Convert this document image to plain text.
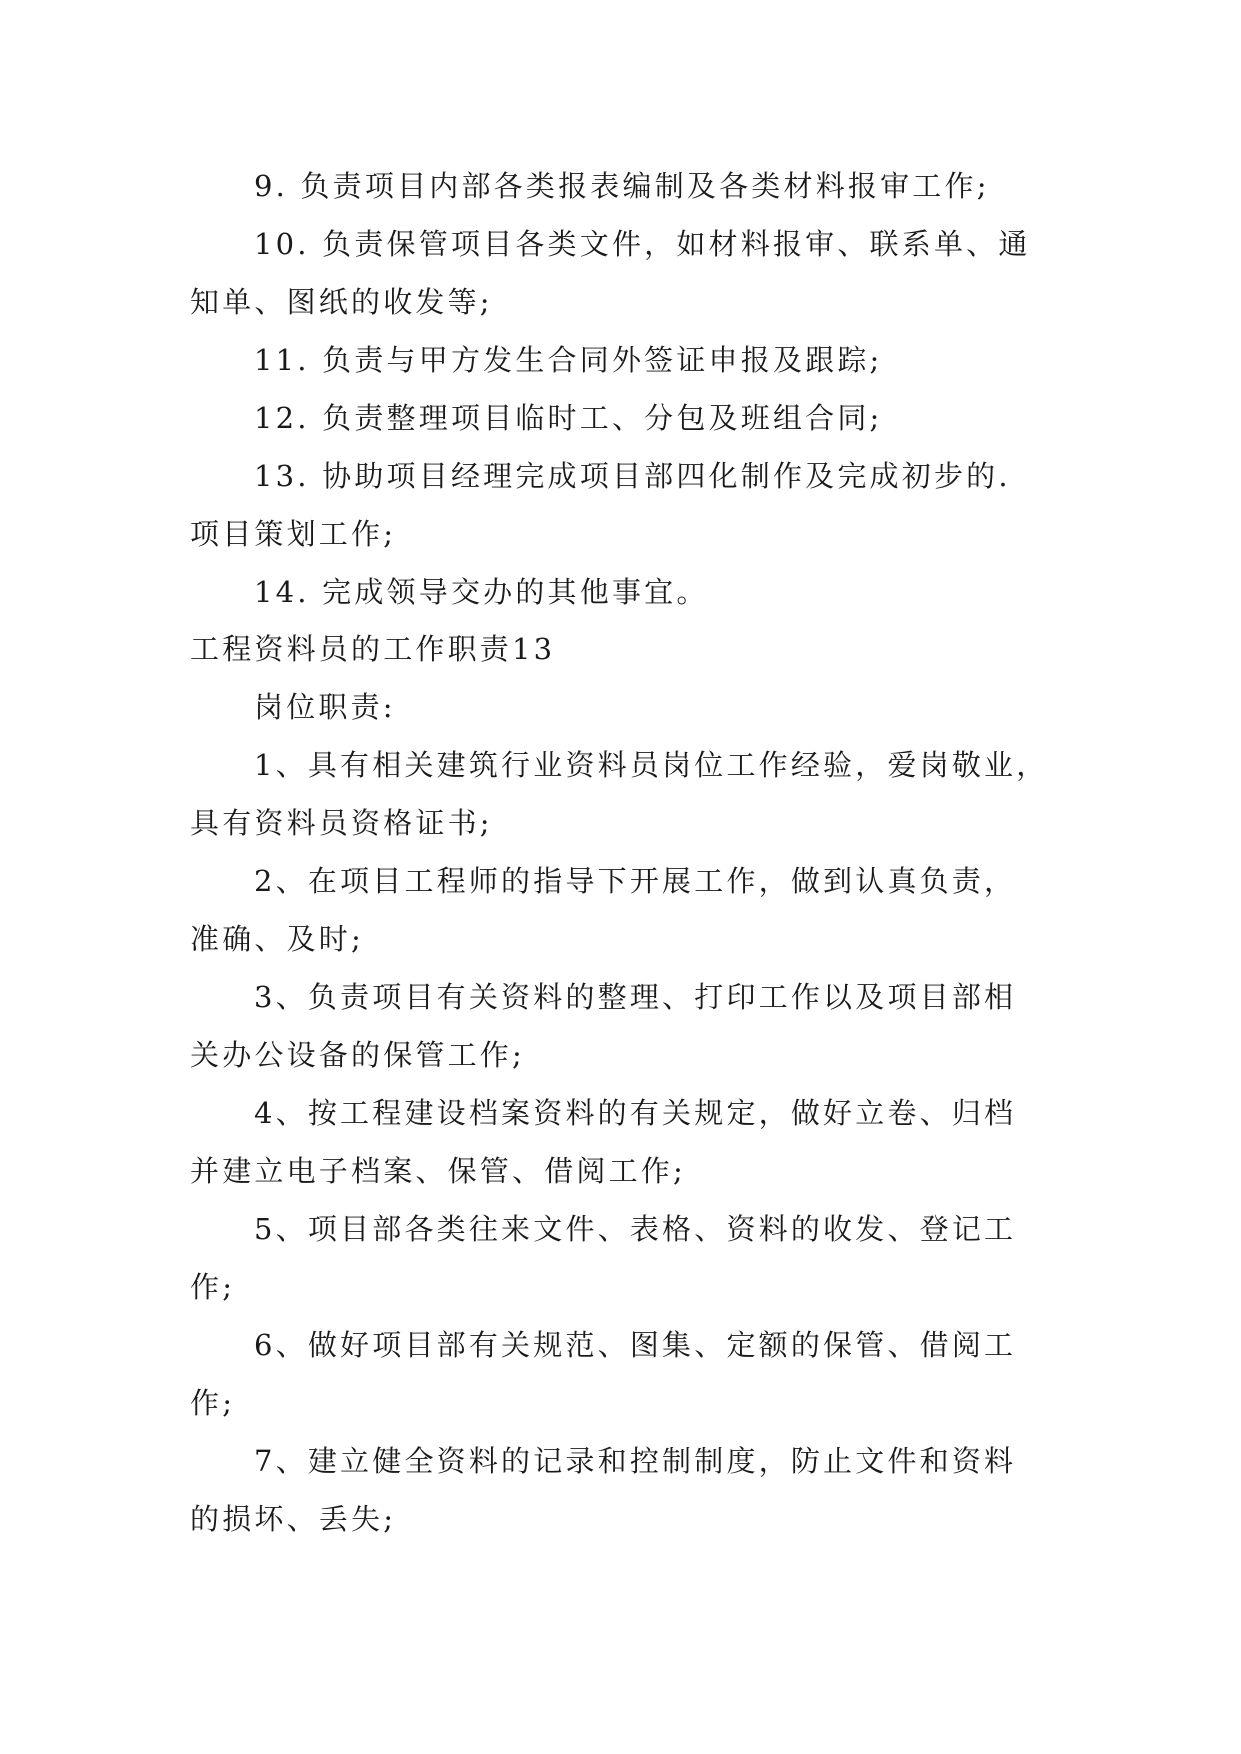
9. 负责项目内部各类报表编制及各类材料报审工作;
10. 负责保管项目各类文件，如材料报审、联系单、通
知单、图纸的收发等;
11. 负责与甲方发生合同外签证申报及跟踪;
12. 负责整理项目临时工、分包及班组合同;
13. 协助项目经理完成项目部四化制作及完成初步的.
项目策划工作;
14. 完成领导交办的其他事宜。
工程资料员的工作职责13
岗位职责:
1、具有相关建筑行业资料员岗位工作经验，爱岗敬业，
具有资料员资格证书;
2、在项目工程师的指导下开展工作，做到认真负责，
准确、及时;
3、负责项目有关资料的整理、打印工作以及项目部相
关办公设备的保管工作;
4、按工程建设档案资料的有关规定，做好立卷、归档
并建立电子档案、保管、借阅工作;
5、项目部各类往来文件、表格、资料的收发、登记工
作;
6、做好项目部有关规范、图集、定额的保管、借阅工
作;
7、建立健全资料的记录和控制制度，防止文件和资料
的损坏、丢失;
